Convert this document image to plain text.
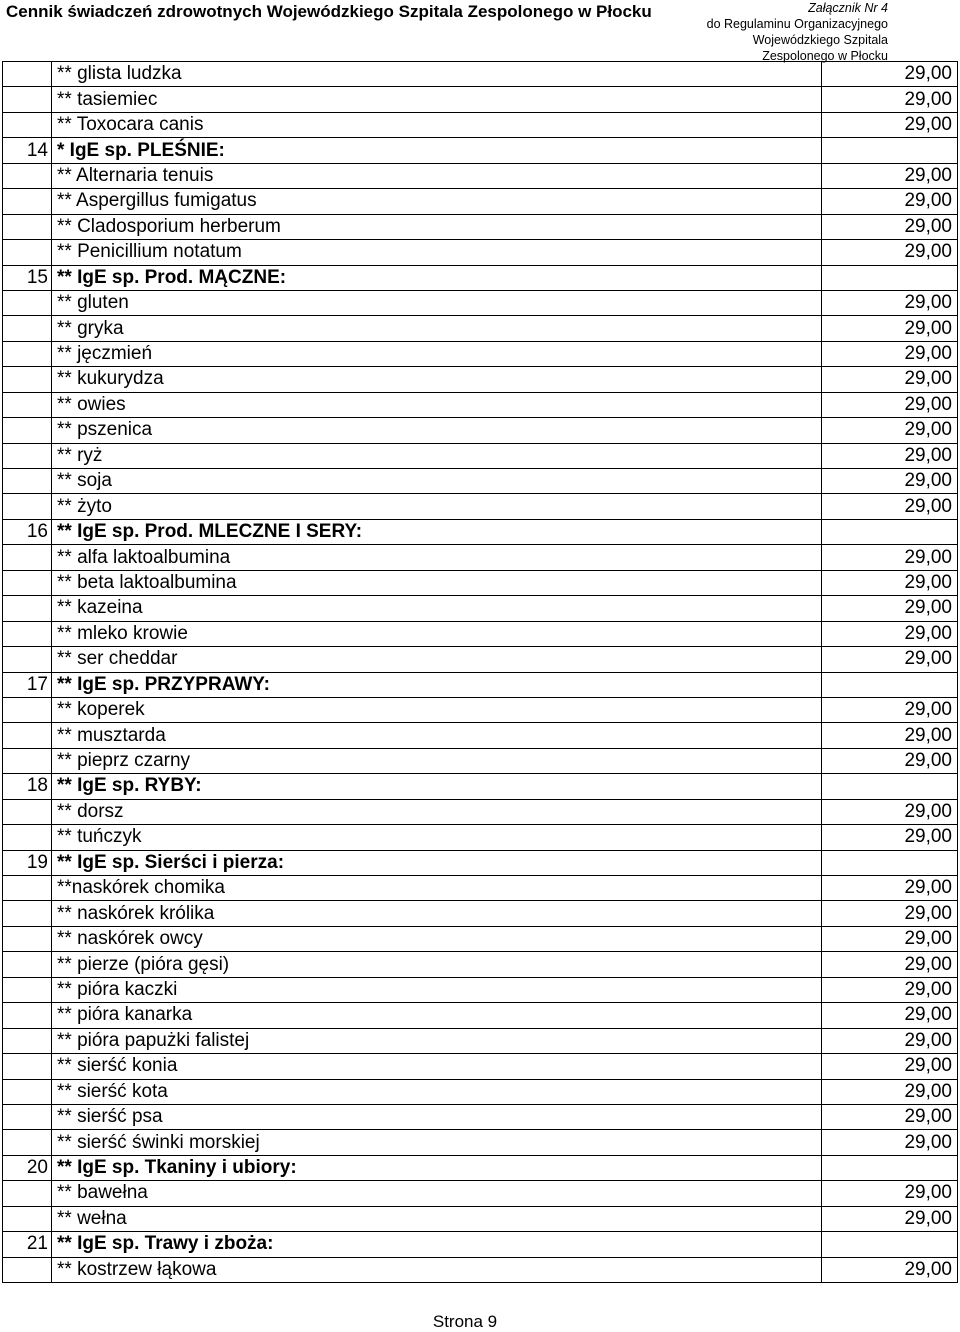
Cennik świadczeń zdrowotnych Wojewódzkiego Szpitala Zespolonego w Płocku	Załącznik Nr 4
do Regulaminu Organizacyjnego
Wojewódzkiego Szpitala
Zespolonego w Płocku
	** glista ludzka	29,00
	** tasiemiec	29,00
	** Toxocara canis	29,00
14	* IgE sp. PLEŚNIE:	
	** Alternaria tenuis	29,00
	** Aspergillus fumigatus	29,00
	** Cladosporium herberum	29,00
	** Penicillium notatum	29,00
15	** IgE sp. Prod. MĄCZNE:	
	** gluten	29,00
	** gryka	29,00
	** jęczmień	29,00
	** kukurydza	29,00
	** owies	29,00
	** pszenica	29,00
	** ryż	29,00
	** soja	29,00
	** żyto	29,00
16	** IgE sp. Prod. MLECZNE I SERY:	
	** alfa laktoalbumina	29,00
	** beta laktoalbumina	29,00
	** kazeina	29,00
	** mleko krowie	29,00
	** ser cheddar	29,00
17	** IgE sp. PRZYPRAWY:	
	** koperek	29,00
	** musztarda	29,00
	** pieprz czarny	29,00
18	** IgE sp. RYBY:	
	** dorsz	29,00
	** tuńczyk	29,00
19	** IgE sp. Sierści i pierza:	
	**naskórek chomika	29,00
	** naskórek królika	29,00
	** naskórek owcy	29,00
	** pierze (pióra gęsi)	29,00
	** pióra kaczki	29,00
	** pióra kanarka	29,00
	** pióra papużki falistej	29,00
	** sierść konia	29,00
	** sierść kota	29,00
	** sierść psa	29,00
	** sierść świnki morskiej	29,00
20	** IgE sp. Tkaniny i ubiory:	
	** bawełna	29,00
	** wełna	29,00
21	** IgE sp. Trawy i zboża:	
	** kostrzew łąkowa	29,00
Strona 9
